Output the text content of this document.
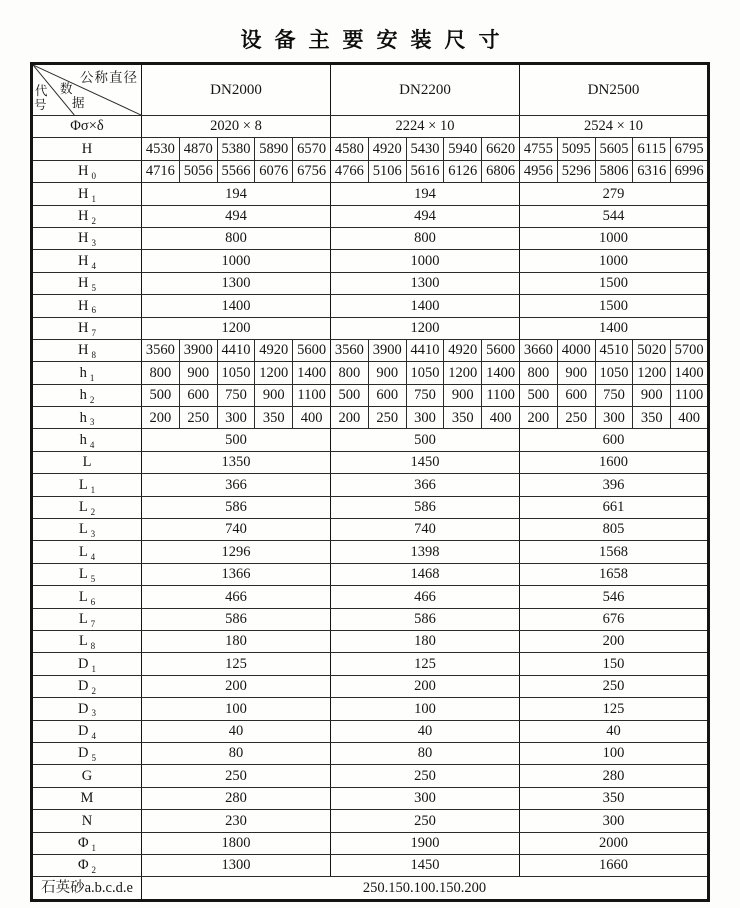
设备主要安装尺寸
公称直径
数
据
代
号	DN2000					DN2200					DN2500				
Φσ×δ	2020 × 8					2224 × 10					2524 × 10				
H	4530	4870	5380	5890	6570	4580	4920	5430	5940	6620	4755	5095	5605	6115	6795
H $_0$	4716	5056	5566	6076	6756	4766	5106	5616	6126	6806	4956	5296	5806	6316	6996
H $_1$	194					194					279				
H $_2$	494					494					544				
H $_3$	800					800					1000				
H $_4$	1000					1000					1000				
H $_5$	1300					1300					1500				
H $_6$	1400					1400					1500				
H $_7$	1200					1200					1400				
H $_8$	3560	3900	4410	4920	5600	3560	3900	4410	4920	5600	3660	4000	4510	5020	5700
h $_1$	800	900	1050	1200	1400	800	900	1050	1200	1400	800	900	1050	1200	1400
h $_2$	500	600	750	900	1100	500	600	750	900	1100	500	600	750	900	1100
h $_3$	200	250	300	350	400	200	250	300	350	400	200	250	300	350	400
h $_4$	500					500					600				
L	1350					1450					1600				
L $_1$	366					366					396				
L $_2$	586					586					661				
L $_3$	740					740					805				
L $_4$	1296					1398					1568				
L $_5$	1366					1468					1658				
L $_6$	466					466					546				
L $_7$	586					586					676				
L $_8$	180					180					200				
D $_1$	125					125					150				
D $_2$	200					200					250				
D $_3$	100					100					125				
D $_4$	40					40					40				
D $_5$	80					80					100				
G	250					250					280				
M	280					300					350				
N	230					250					300				
Φ $_1$	1800					1900					2000				
Φ $_2$	1300					1450					1660				
石英砂a.b.c.d.e	250.150.100.150.200														
